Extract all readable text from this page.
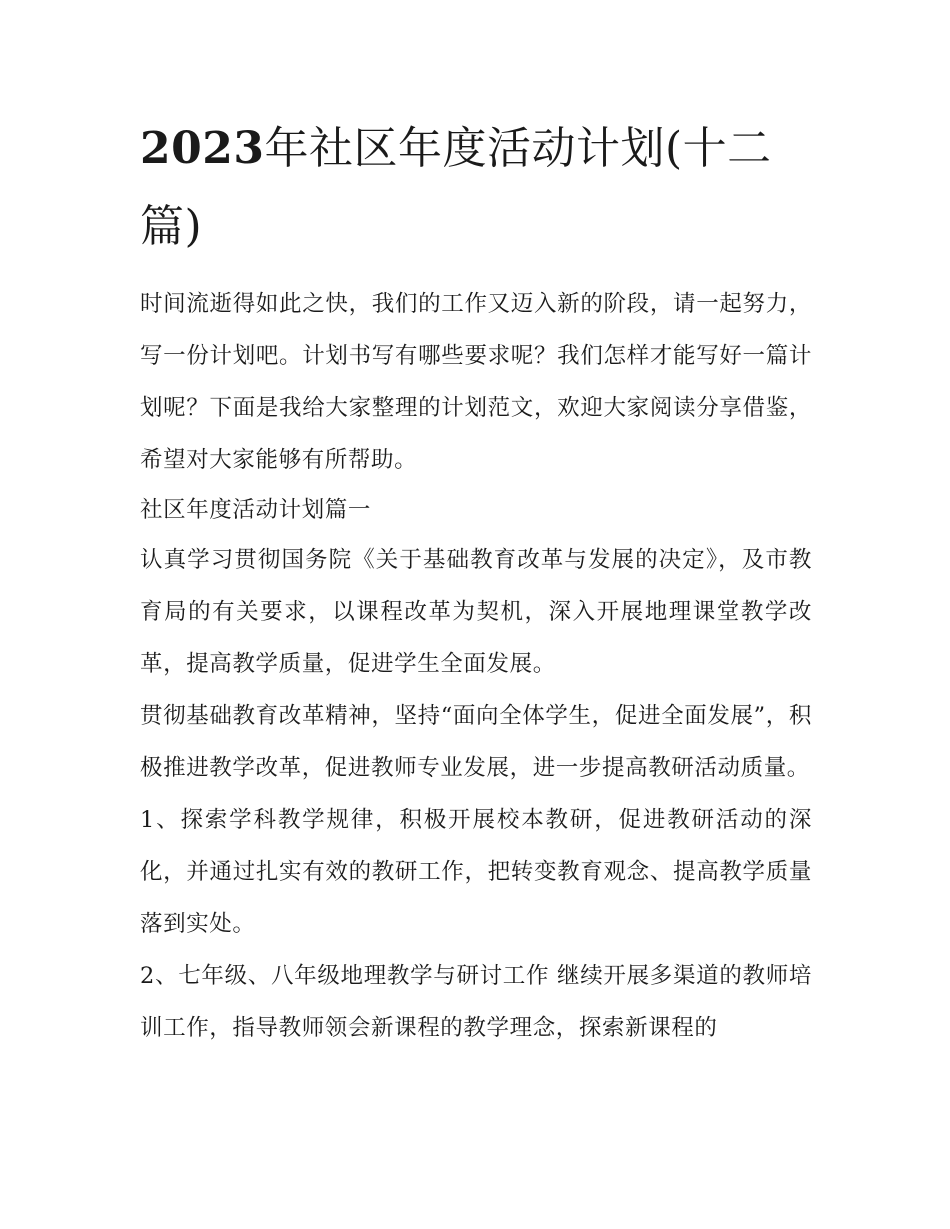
2023年社区年度活动计划(十二篇)

时间流逝得如此之快，我们的工作又迈入新的阶段，请一起努力，写一份计划吧。计划书写有哪些要求呢？我们怎样才能写好一篇计划呢？下面是我给大家整理的计划范文，欢迎大家阅读分享借鉴，希望对大家能够有所帮助。

社区年度活动计划篇一

认真学习贯彻国务院《关于基础教育改革与发展的决定》，及市教育局的有关要求，以课程改革为契机，深入开展地理课堂教学改革，提高教学质量，促进学生全面发展。

贯彻基础教育改革精神，坚持“面向全体学生，促进全面发展”，积极推进教学改革，促进教师专业发展，进一步提高教研活动质量。

1、探索学科教学规律，积极开展校本教研，促进教研活动的深化，并通过扎实有效的教研工作，把转变教育观念、提高教学质量落到实处。

2、七年级、八年级地理教学与研讨工作 继续开展多渠道的教师培训工作，指导教师领会新课程的教学理念，探索新课程的
